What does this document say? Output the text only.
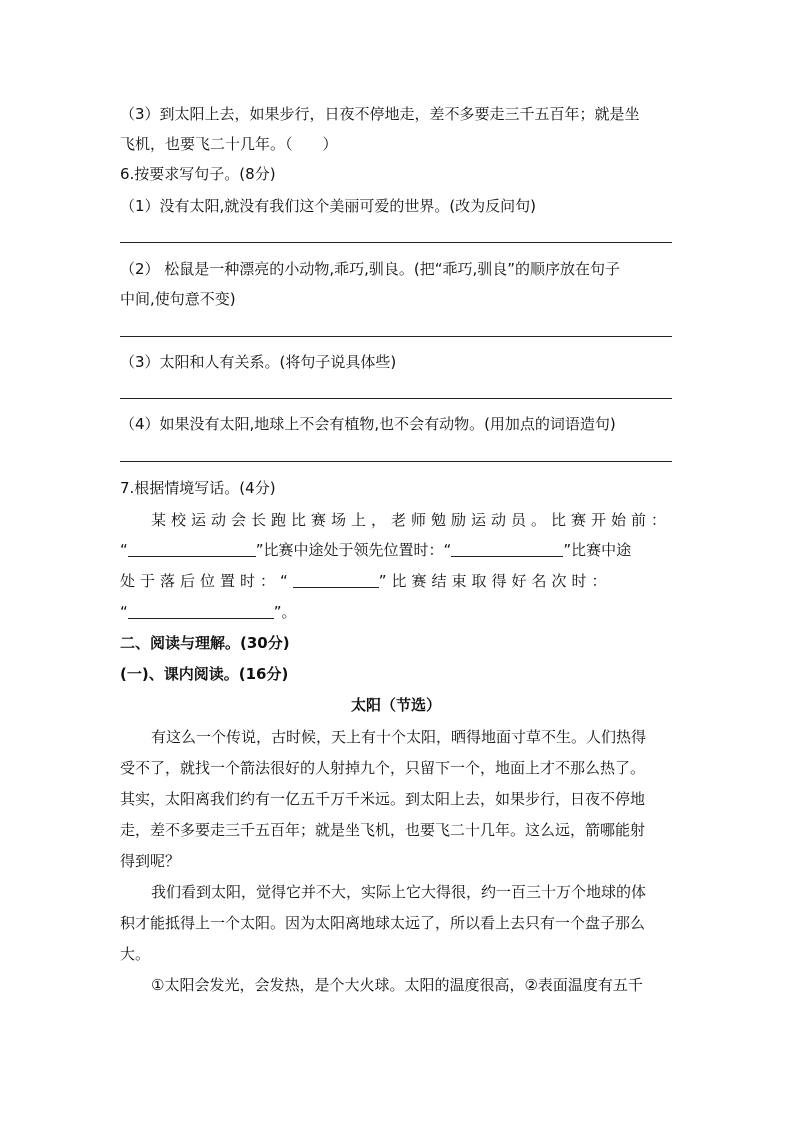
（3）到太阳上去，如果步行，日夜不停地走，差不多要走三千五百年；就是坐
飞机，也要飞二十几年。（　　）
6.按要求写句子。(8分)
（1）没有太阳,就没有我们这个美丽可爱的世界。(改为反问句)
（2） 松鼠是一种漂亮的小动物,乖巧,驯良。(把“乖巧,驯良”的顺序放在句子
中间,使句意不变)
（3）太阳和人有关系。(将句子说具体些)
（4）如果没有太阳,地球上不会有植物,也不会有动物。(用加点的词语造句)
7.根据情境写话。(4分)
某校运动会长跑比赛场上，老师勉励运动员。比赛开始前：
“	”比赛中途处于领先位置时：“	”比赛中途
处于落后位置时：“	”比赛结束取得好名次时：
“	”。
二、阅读与理解。(30分)
(一)、课内阅读。(16分)
太阳（节选）
有这么一个传说，古时候，天上有十个太阳，晒得地面寸草不生。人们热得
受不了，就找一个箭法很好的人射掉九个，只留下一个，地面上才不那么热了。
其实，太阳离我们约有一亿五千万千米远。到太阳上去，如果步行，日夜不停地
走，差不多要走三千五百年；就是坐飞机，也要飞二十几年。这么远，箭哪能射
得到呢？
我们看到太阳，觉得它并不大，实际上它大得很，约一百三十万个地球的体
积才能抵得上一个太阳。因为太阳离地球太远了，所以看上去只有一个盘子那么
大。
①太阳会发光，会发热，是个大火球。太阳的温度很高，②表面温度有五千
